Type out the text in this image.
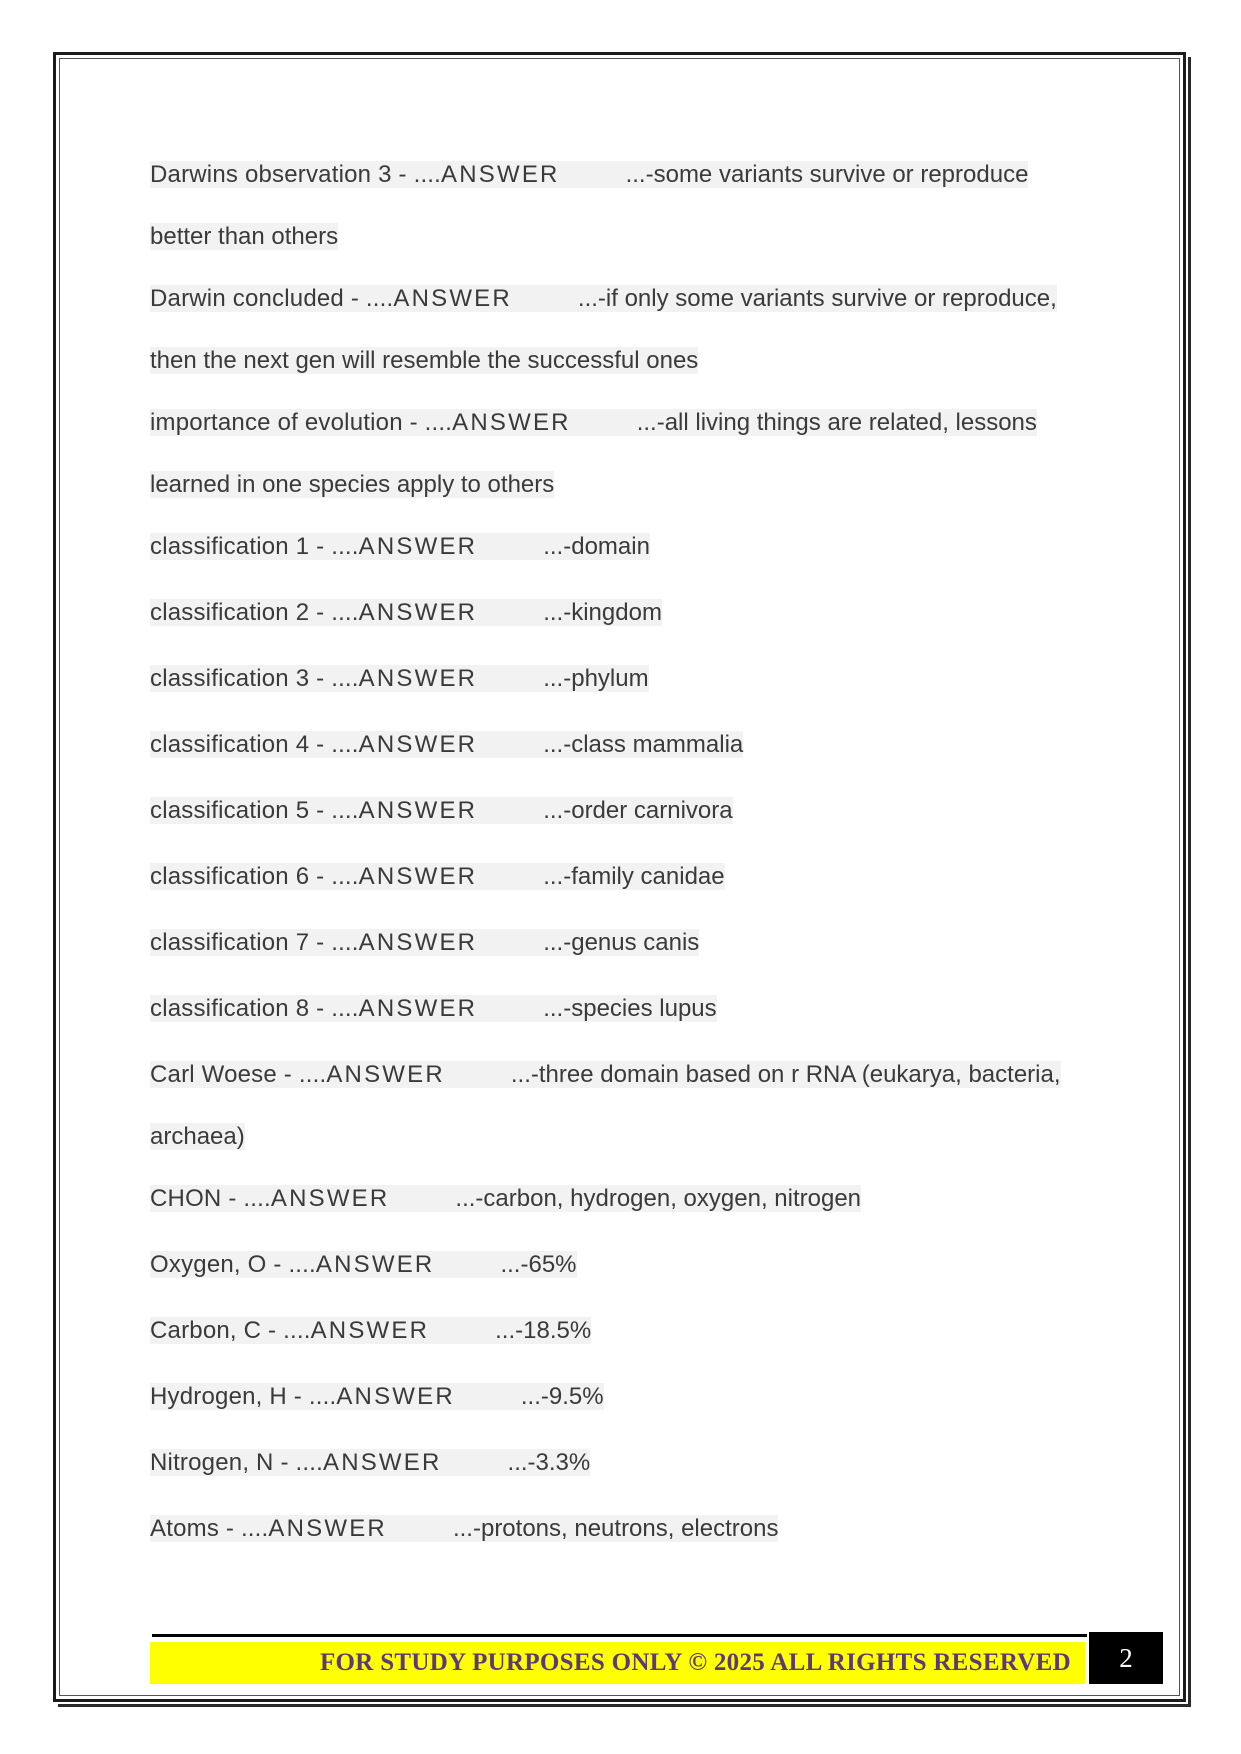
Darwins observation 3 - ....ANSWER	...-some variants survive or reproduce better than others
Darwin concluded - ....ANSWER	...-if only some variants survive or reproduce, then the next gen will resemble the successful ones
importance of evolution - ....ANSWER	...-all living things are related, lessons learned in one species apply to others
classification 1 - ....ANSWER	...-domain
classification 2 - ....ANSWER	...-kingdom
classification 3 - ....ANSWER	...-phylum
classification 4 - ....ANSWER	...-class mammalia
classification 5 - ....ANSWER	...-order carnivora
classification 6 - ....ANSWER	...-family canidae
classification 7 - ....ANSWER	...-genus canis
classification 8 - ....ANSWER	...-species lupus
Carl Woese - ....ANSWER	...-three domain based on r RNA (eukarya, bacteria, archaea)
CHON - ....ANSWER	...-carbon, hydrogen, oxygen, nitrogen
Oxygen, O - ....ANSWER	...-65%
Carbon, C - ....ANSWER	...-18.5%
Hydrogen, H - ....ANSWER	...-9.5%
Nitrogen, N - ....ANSWER	...-3.3%
Atoms - ....ANSWER	...-protons, neutrons, electrons
FOR STUDY PURPOSES ONLY © 2025 ALL RIGHTS RESERVED 2
